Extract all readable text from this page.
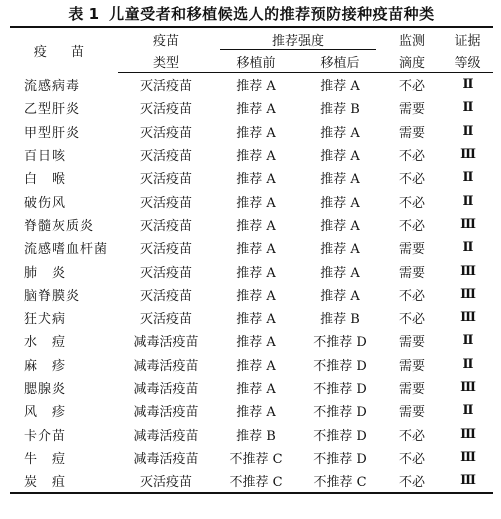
表 1 儿童受者和移植候选人的推荐预防接种疫苗种类
疫 苗	疫苗	推荐强度		监测	证据
	类型	移植前	移植后	滴度	等级
流感病毒	灭活疫苗	推荐 A	推荐 A	不必	Ⅱ
乙型肝炎	灭活疫苗	推荐 A	推荐 B	需要	Ⅱ
甲型肝炎	灭活疫苗	推荐 A	推荐 A	需要	Ⅱ
百日咳	灭活疫苗	推荐 A	推荐 A	不必	Ⅲ
白　喉	灭活疫苗	推荐 A	推荐 A	不必	Ⅱ
破伤风	灭活疫苗	推荐 A	推荐 A	不必	Ⅱ
脊髓灰质炎	灭活疫苗	推荐 A	推荐 A	不必	Ⅲ
流感嗜血杆菌	灭活疫苗	推荐 A	推荐 A	需要	Ⅱ
肺　炎	灭活疫苗	推荐 A	推荐 A	需要	Ⅲ
脑脊膜炎	灭活疫苗	推荐 A	推荐 A	不必	Ⅲ
狂犬病	灭活疫苗	推荐 A	推荐 B	不必	Ⅲ
水　痘	减毒活疫苗	推荐 A	不推荐 D	需要	Ⅱ
麻　疹	减毒活疫苗	推荐 A	不推荐 D	需要	Ⅱ
腮腺炎	减毒活疫苗	推荐 A	不推荐 D	需要	Ⅲ
风　疹	减毒活疫苗	推荐 A	不推荐 D	需要	Ⅱ
卡介苗	减毒活疫苗	推荐 B	不推荐 D	不必	Ⅲ
牛　痘	减毒活疫苗	不推荐 C	不推荐 D	不必	Ⅲ
炭　疽	灭活疫苗	不推荐 C	不推荐 C	不必	Ⅲ
